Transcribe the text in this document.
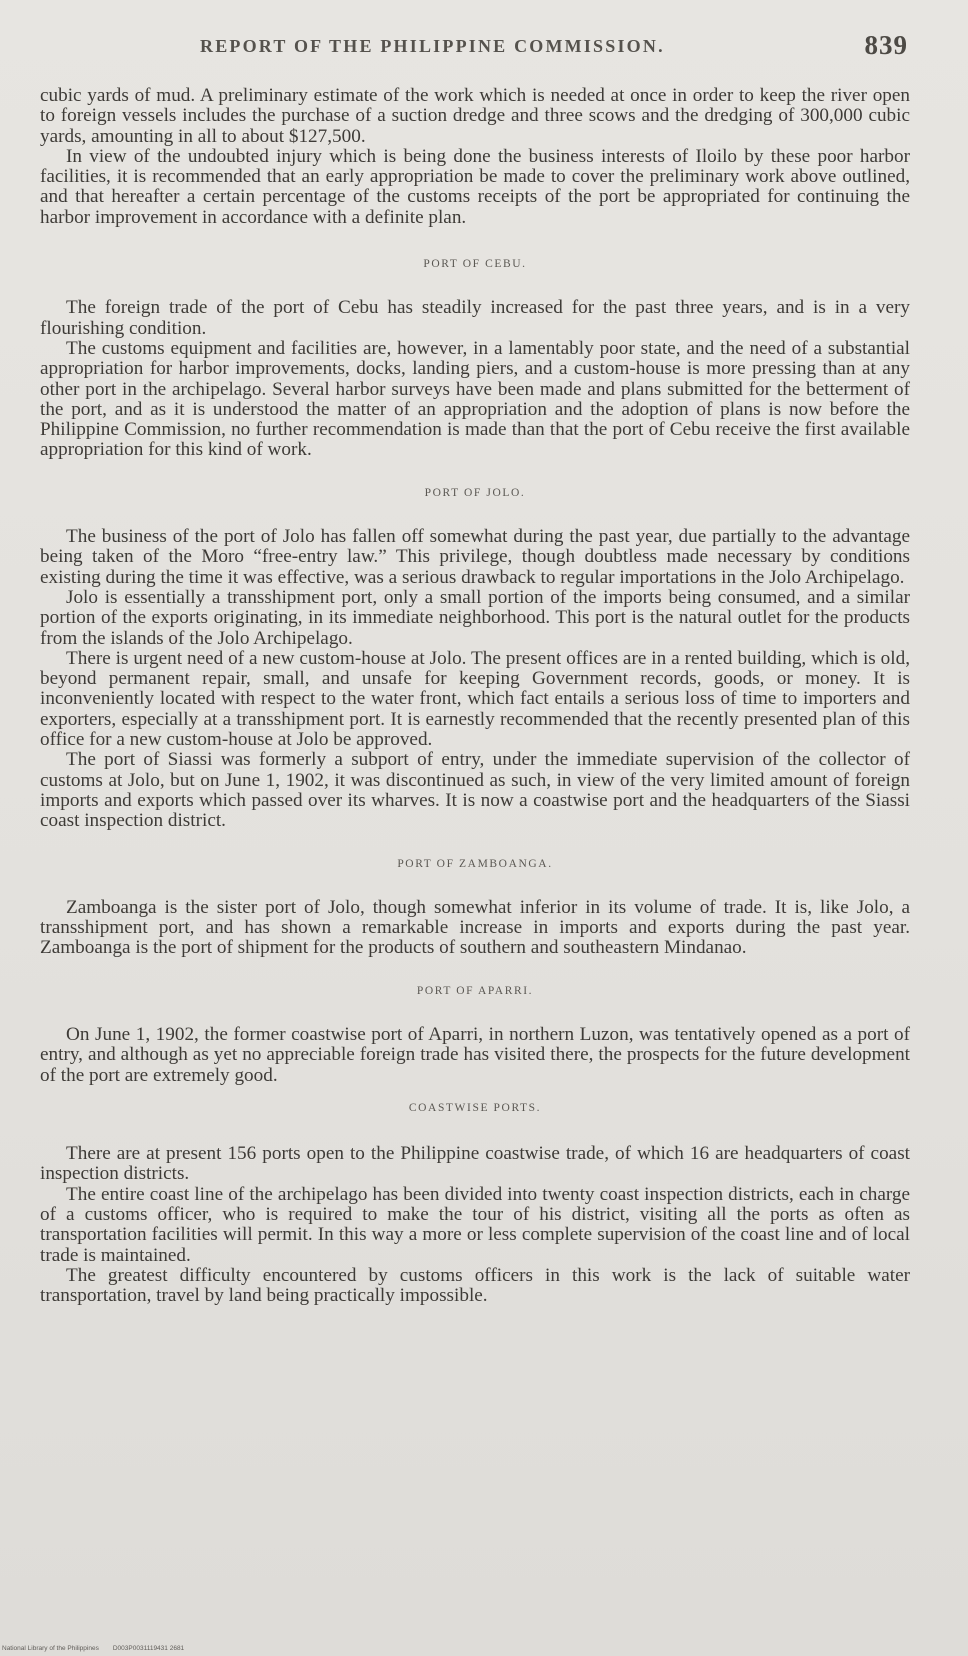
REPORT OF THE PHILIPPINE COMMISSION.	839

cubic yards of mud. A preliminary estimate of the work which is needed at once in order to keep the river open to foreign vessels includes the purchase of a suction dredge and three scows and the dredging of 300,000 cubic yards, amounting in all to about $127,500.

In view of the undoubted injury which is being done the business interests of Iloilo by these poor harbor facilities, it is recommended that an early appropriation be made to cover the preliminary work above outlined, and that hereafter a certain percentage of the customs receipts of the port be appropriated for continuing the harbor improvement in accordance with a definite plan.

PORT OF CEBU.

The foreign trade of the port of Cebu has steadily increased for the past three years, and is in a very flourishing condition.

The customs equipment and facilities are, however, in a lamentably poor state, and the need of a substantial appropriation for harbor improvements, docks, landing piers, and a custom-house is more pressing than at any other port in the archipelago. Several harbor surveys have been made and plans submitted for the betterment of the port, and as it is understood the matter of an appropriation and the adoption of plans is now before the Philippine Commission, no further recommendation is made than that the port of Cebu receive the first available appropriation for this kind of work.

PORT OF JOLO.

The business of the port of Jolo has fallen off somewhat during the past year, due partially to the advantage being taken of the Moro “free-entry law.” This privilege, though doubtless made necessary by conditions existing during the time it was effective, was a serious drawback to regular importations in the Jolo Archipelago.

Jolo is essentially a transshipment port, only a small portion of the imports being consumed, and a similar portion of the exports originating, in its immediate neighborhood. This port is the natural outlet for the products from the islands of the Jolo Archipelago.

There is urgent need of a new custom-house at Jolo. The present offices are in a rented building, which is old, beyond permanent repair, small, and unsafe for keeping Government records, goods, or money. It is inconveniently located with respect to the water front, which fact entails a serious loss of time to importers and exporters, especially at a transshipment port. It is earnestly recommended that the recently presented plan of this office for a new custom-house at Jolo be approved.

The port of Siassi was formerly a subport of entry, under the immediate supervision of the collector of customs at Jolo, but on June 1, 1902, it was discontinued as such, in view of the very limited amount of foreign imports and exports which passed over its wharves. It is now a coastwise port and the headquarters of the Siassi coast inspection district.

PORT OF ZAMBOANGA.

Zamboanga is the sister port of Jolo, though somewhat inferior in its volume of trade. It is, like Jolo, a transshipment port, and has shown a remarkable increase in imports and exports during the past year. Zamboanga is the port of shipment for the products of southern and southeastern Mindanao.

PORT OF APARRI.

On June 1, 1902, the former coastwise port of Aparri, in northern Luzon, was tentatively opened as a port of entry, and although as yet no appreciable foreign trade has visited there, the prospects for the future development of the port are extremely good.

COASTWISE PORTS.

There are at present 156 ports open to the Philippine coastwise trade, of which 16 are headquarters of coast inspection districts.

The entire coast line of the archipelago has been divided into twenty coast inspection districts, each in charge of a customs officer, who is required to make the tour of his district, visiting all the ports as often as transportation facilities will permit. In this way a more or less complete supervision of the coast line and of local trade is maintained.

The greatest difficulty encountered by customs officers in this work is the lack of suitable water transportation, travel by land being practically impossible.

National Library of the Philippines D003P0031119431 2681
